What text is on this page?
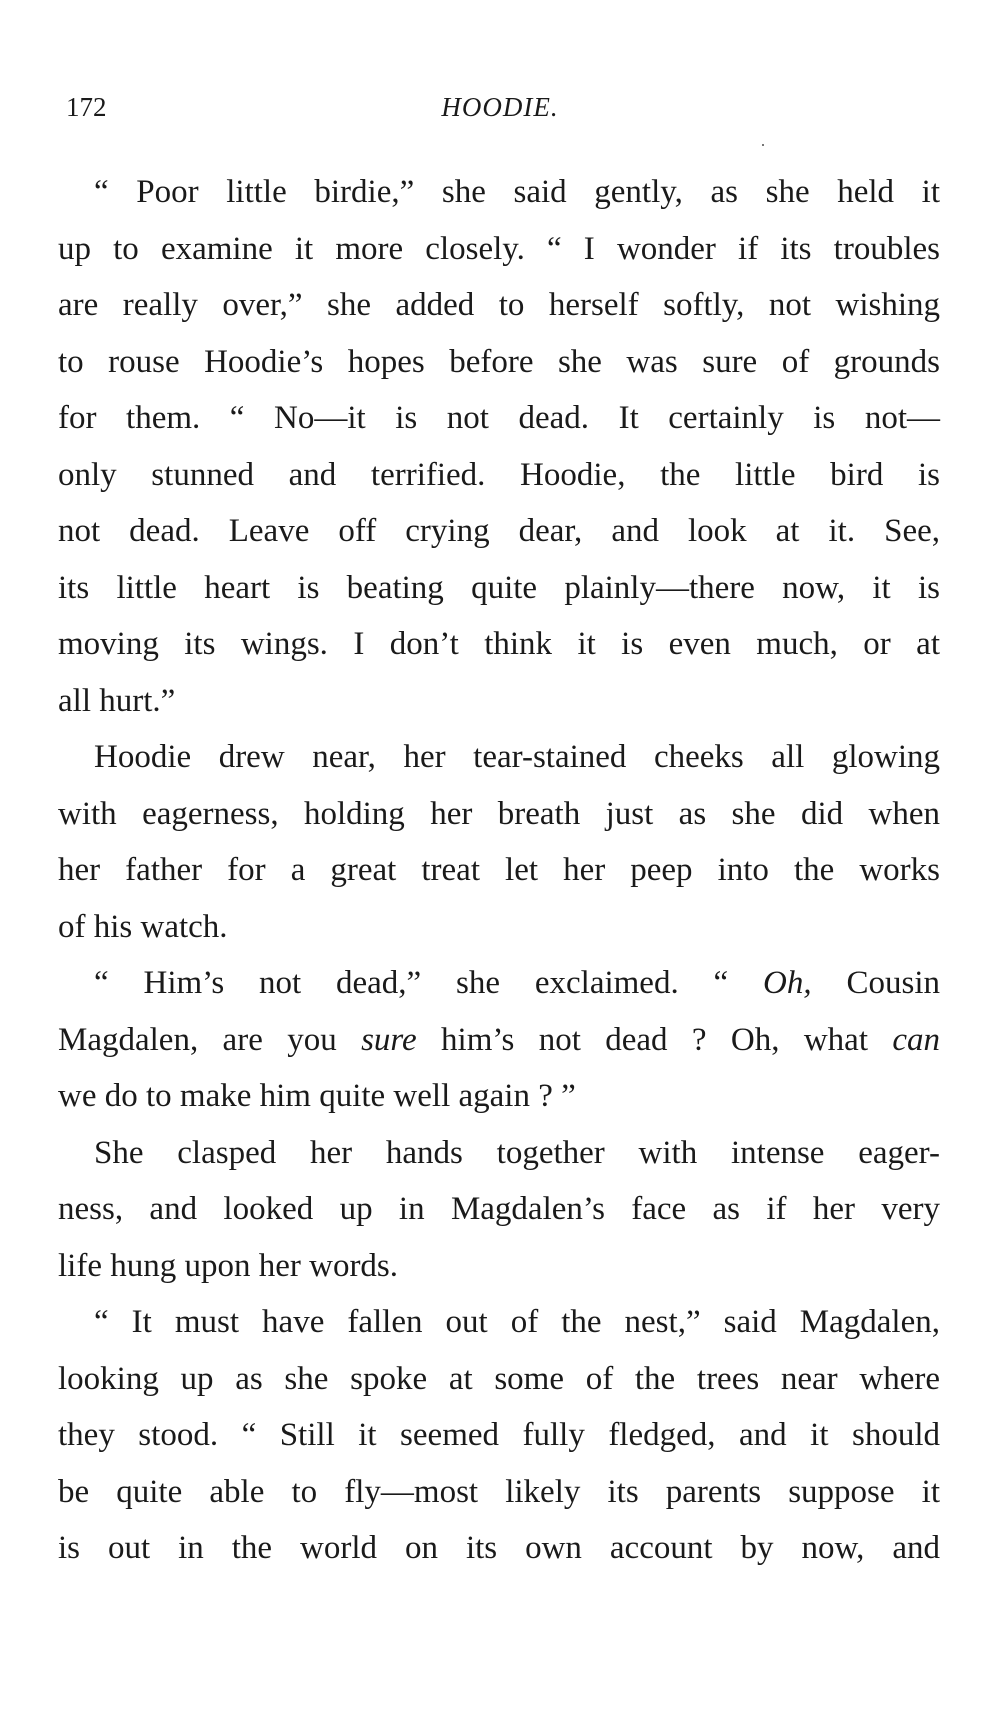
172	HOODIE.

“ Poor little birdie,” she said gently, as she held it
up to examine it more closely. “ I wonder if its troubles
are really over,” she added to herself softly, not wishing
to rouse Hoodie’s hopes before she was sure of grounds
for them. “ No—it is not dead. It certainly is not—
only stunned and terrified. Hoodie, the little bird is
not dead. Leave off crying dear, and look at it. See,
its little heart is beating quite plainly—there now, it is
moving its wings. I don’t think it is even much, or at
all hurt.”

Hoodie drew near, her tear-stained cheeks all glowing
with eagerness, holding her breath just as she did when
her father for a great treat let her peep into the works
of his watch.

“ Him’s not dead,” she exclaimed. “ Oh, Cousin
Magdalen, are you sure him’s not dead ? Oh, what can
we do to make him quite well again ? ”

She clasped her hands together with intense eager-
ness, and looked up in Magdalen’s face as if her very
life hung upon her words.

“ It must have fallen out of the nest,” said Magdalen,
looking up as she spoke at some of the trees near where
they stood. “ Still it seemed fully fledged, and it should
be quite able to fly—most likely its parents suppose it
is out in the world on its own account by now, and
